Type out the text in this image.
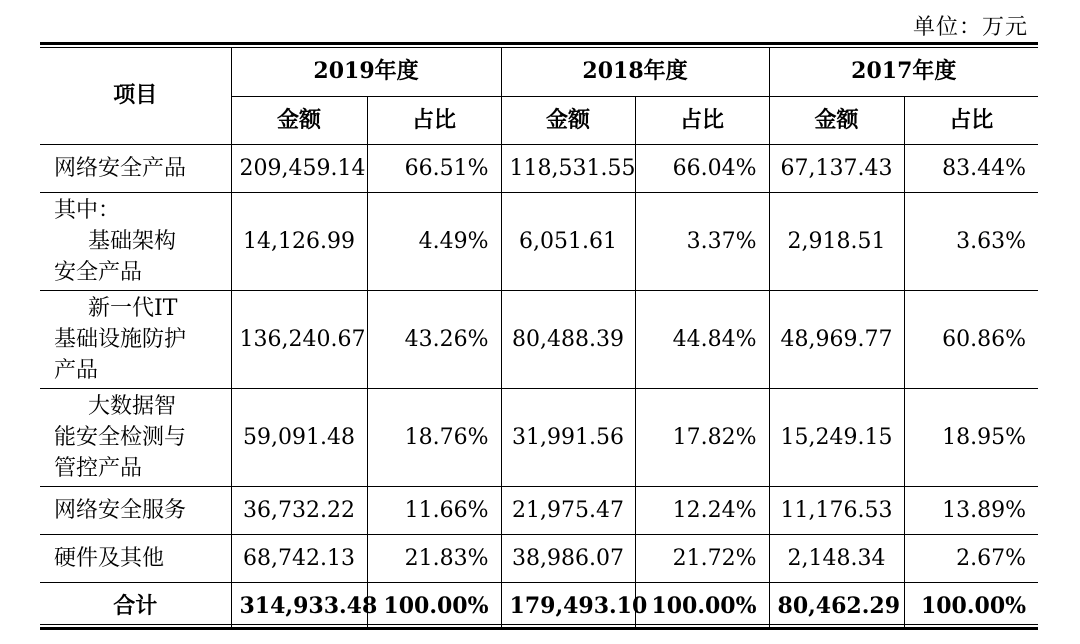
单位：万元
项目	2019年度		2018年度		2017年度	
	金额	占比	金额	占比	金额	占比

网络安全产品	209,459.14	66.51%	118,531.55	66.04%	67,137.43	83.44%

其中：
基础架构
安全产品	14,126.99	4.49%	6,051.61	3.37%	2,918.51	3.63%

新一代IT
基础设施防护
产品	136,240.67	43.26%	80,488.39	44.84%	48,969.77	60.86%

大数据智
能安全检测与
管控产品	59,091.48	18.76%	31,991.56	17.82%	15,249.15	18.95%

网络安全服务	36,732.22	11.66%	21,975.47	12.24%	11,176.53	13.89%

硬件及其他	68,742.13	21.83%	38,986.07	21.72%	2,148.34	2.67%
合计	314,933.48	100.00%	179,493.10	100.00%	80,462.29	100.00%
